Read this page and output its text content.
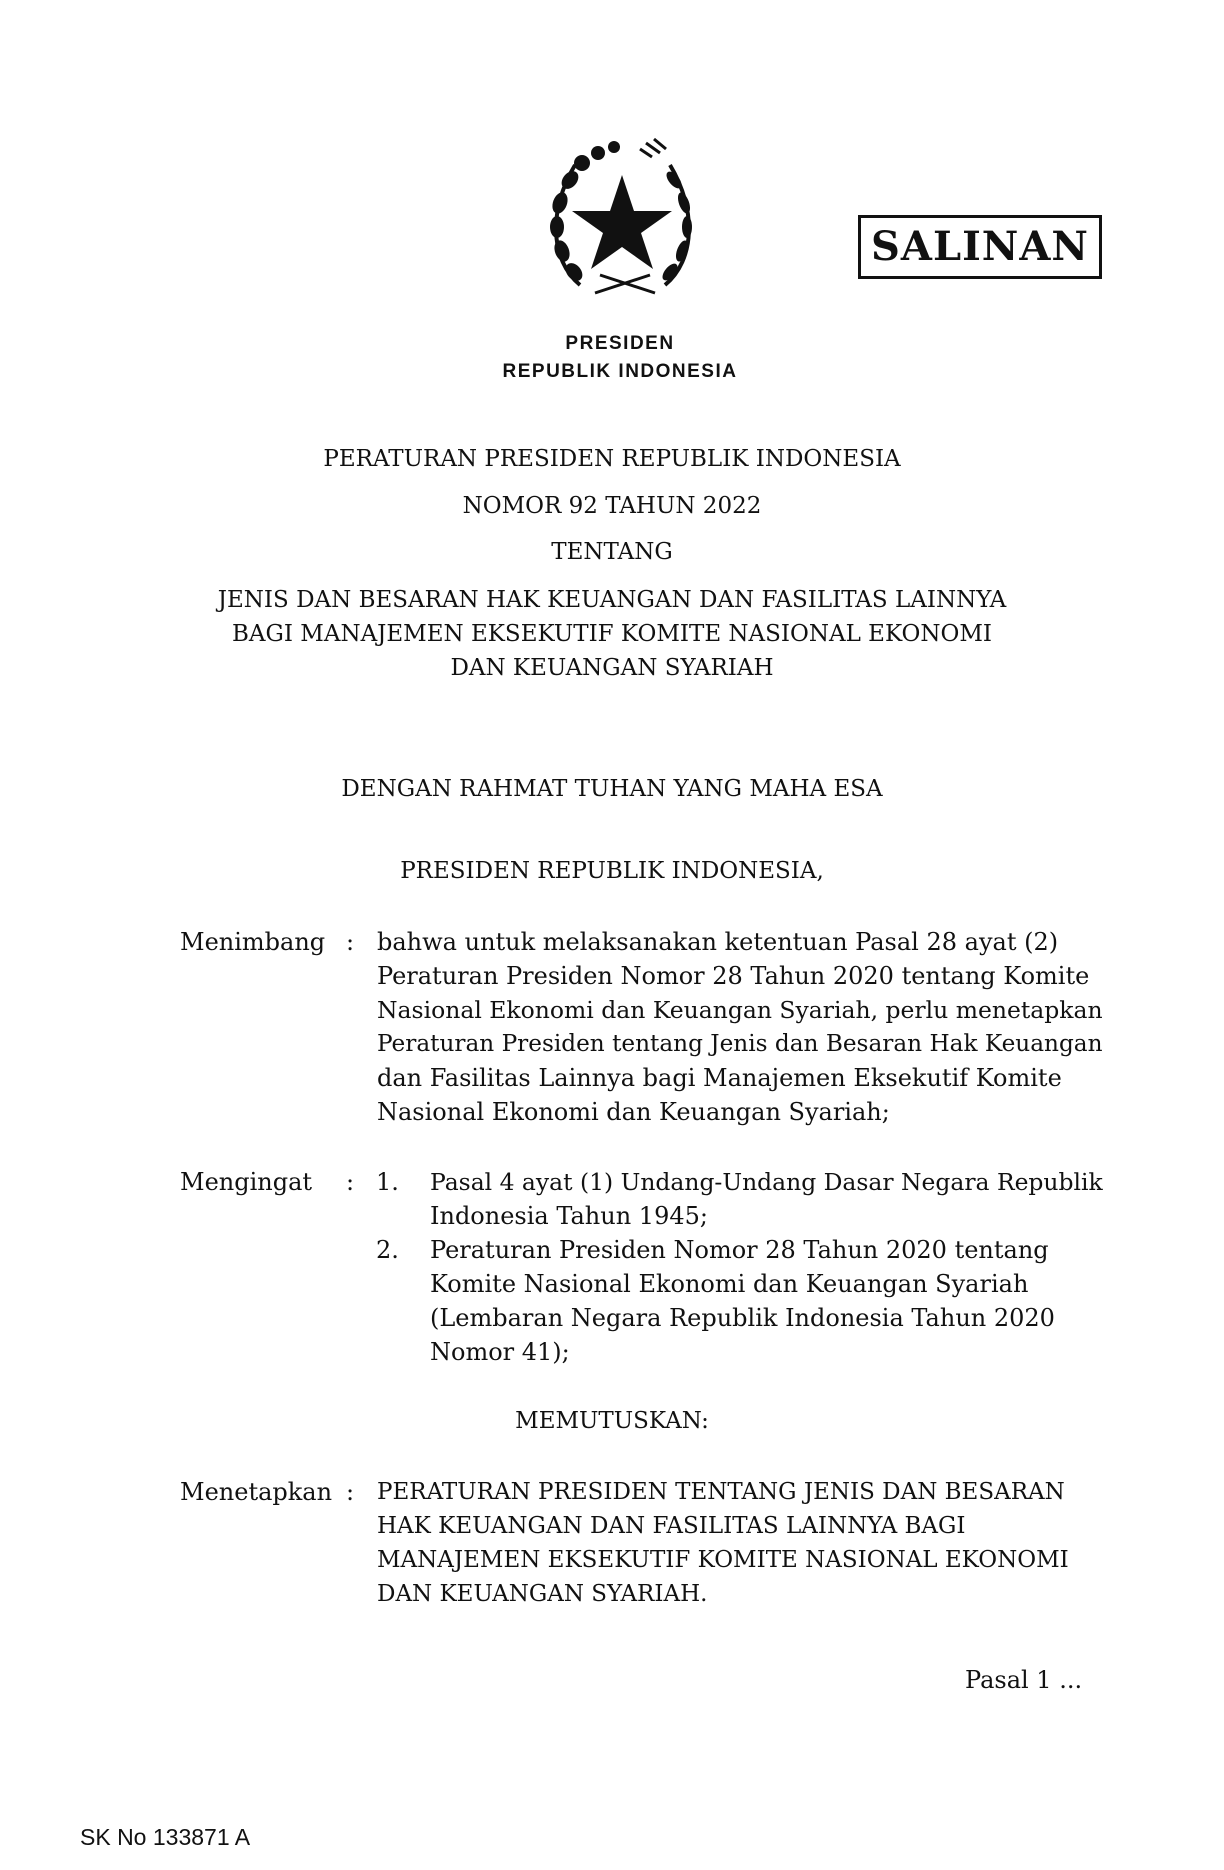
SALINAN
PRESIDEN
REPUBLIK INDONESIA
PERATURAN PRESIDEN REPUBLIK INDONESIA
NOMOR 92 TAHUN 2022
TENTANG
JENIS DAN BESARAN HAK KEUANGAN DAN FASILITAS LAINNYA
BAGI MANAJEMEN EKSEKUTIF KOMITE NASIONAL EKONOMI
DAN KEUANGAN SYARIAH
DENGAN RAHMAT TUHAN YANG MAHA ESA
PRESIDEN REPUBLIK INDONESIA,
Menimbang : bahwa untuk melaksanakan ketentuan Pasal 28 ayat (2)
Peraturan Presiden Nomor 28 Tahun 2020 tentang Komite
Nasional Ekonomi dan Keuangan Syariah, perlu menetapkan
Peraturan Presiden tentang Jenis dan Besaran Hak Keuangan
dan Fasilitas Lainnya bagi Manajemen Eksekutif Komite
Nasional Ekonomi dan Keuangan Syariah;
Mengingat : 1. Pasal 4 ayat (1) Undang-Undang Dasar Negara Republik
Indonesia Tahun 1945;
2. Peraturan Presiden Nomor 28 Tahun 2020 tentang
Komite Nasional Ekonomi dan Keuangan Syariah
(Lembaran Negara Republik Indonesia Tahun 2020
Nomor 41);
MEMUTUSKAN:
Menetapkan : PERATURAN PRESIDEN TENTANG JENIS DAN BESARAN
HAK KEUANGAN DAN FASILITAS LAINNYA BAGI
MANAJEMEN EKSEKUTIF KOMITE NASIONAL EKONOMI
DAN KEUANGAN SYARIAH.
Pasal 1 ...
SK No 133871 A
